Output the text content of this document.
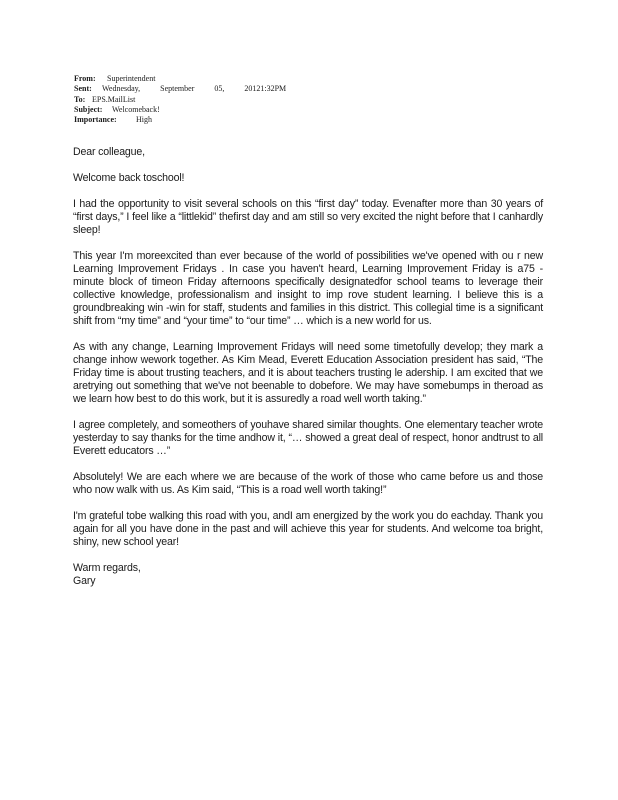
From: Superintendent
Sent: Wednesday, September 05, 20121:32PM
To: EPS.MailList
Subject: Welcomeback!
Importance: High

Dear colleague,

Welcome back toschool!

I had the opportunity to visit several schools on this “first day” today. Evenafter more than 30 years of “first days,” I feel like a “littlekid” thefirst day and am still so very excited the night before that I canhardly sleep!

This year I'm moreexcited than ever because of the world of possibilities we've opened with ou r new Learning Improvement Fridays . In case you haven't heard, Learning Improvement Friday is a75 -minute block of timeon Friday afternoons specifically designatedfor school teams to leverage their collective knowledge, professionalism and insight to imp rove student learning. I believe this is a groundbreaking win -win for staff, students and families in this district. This collegial time is a significant shift from “my time” and “your time” to “our time” … which is a new world for us.

As with any change, Learning Improvement Fridays will need some timetofully develop; they mark a change inhow wework together. As Kim Mead, Everett Education Association president has said, “The Friday time is about trusting teachers, and it is about teachers trusting le adership. I am excited that we aretrying out something that we've not beenable to dobefore. We may have somebumps in theroad as we learn how best to do this work, but it is assuredly a road well worth taking.”

I agree completely, and someothers of youhave shared similar thoughts. One elementary teacher wrote yesterday to say thanks for the time andhow it, “… showed a great deal of respect, honor andtrust to all Everett educators …”

Absolutely! We are each where we are because of the work of those who came before us and those who now walk with us. As Kim said, “This is a road well worth taking!”

I'm grateful tobe walking this road with you, andI am energized by the work you do eachday. Thank you again for all you have done in the past and will achieve this year for students. And welcome toa bright, shiny, new school year!

Warm regards,

Gary
